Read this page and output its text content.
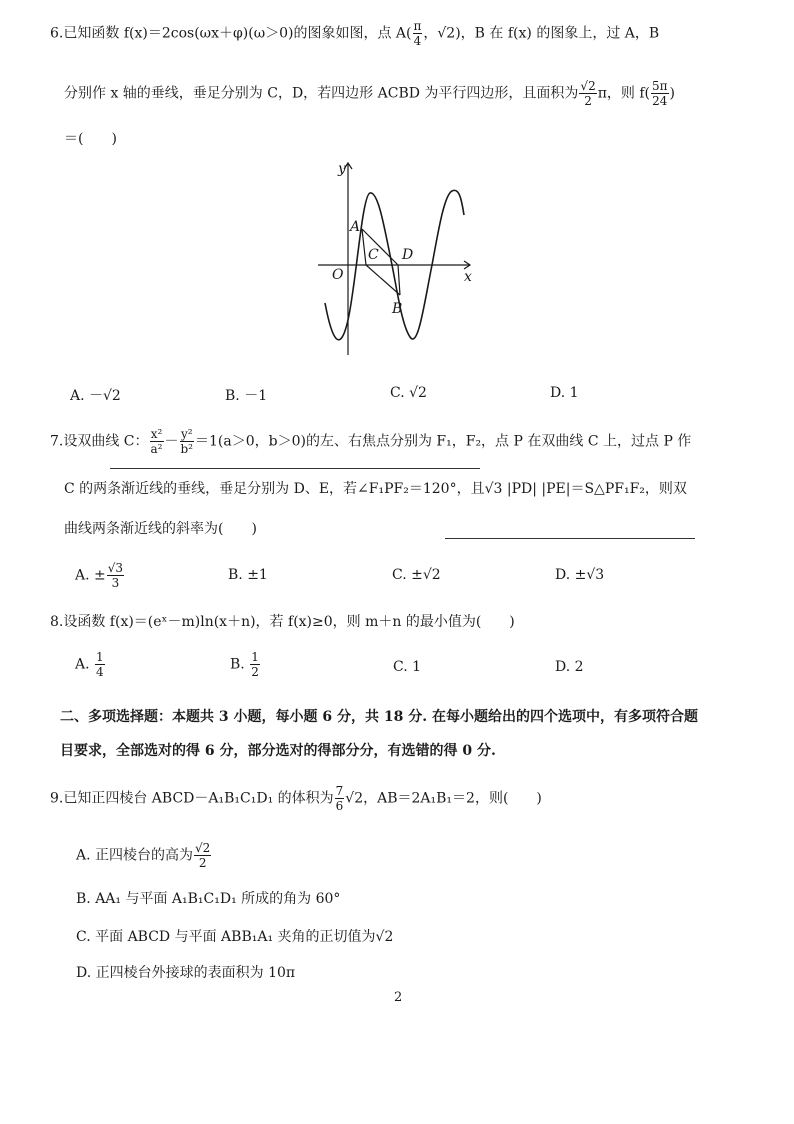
6.已知函数 f(x)＝2cos(ωx＋φ)(ω＞0)的图象如图，点 $A( \frac{\pi}{4}$ ，√2)，B 在 f(x) 的图象上，过 A，B
分别作 x 轴的垂线，垂足分别为 C，D，若四边形 ACBD 为平行四边形，且面积为 $\frac{√2}{2}$ π，则 $f( \frac{5\pi}{24}$ )
＝(　　)
y
x
O
A
C D
B
A. －√2	B. －1	C. √2	D. 1
7.设双曲线 C： $\frac{\text{x²}}{\text{a²}} - \frac{\text{y²}}{\text{b²}} =1(a>0$，b＞0)的左、右焦点分别为 F₁，F₂，点 P 在双曲线 C 上，过点 P 作
C 的两条渐近线的垂线，垂足分别为 D、E，若∠F₁PF₂＝120°，且√3 |PD| |PE|＝S△PF₁F₂，则双
曲线两条渐近线的斜率为(　　)
A. ± $\frac{√3}{3}$	B. ±1	C. ±√2	D. ±√3
8.设函数 f(x)＝(eˣ－m)ln(x＋n)，若 f(x)≥0，则 m＋n 的最小值为(　　)
A. $\frac{1}{4}$	B. $\frac{1}{2}$	C. 1	D. 2
二、多项选择题：本题共 3 小题，每小题 6 分，共 18 分. 在每小题给出的四个选项中，有多项符合题
目要求，全部选对的得 6 分，部分选对的得部分分，有选错的得 0 分.
9.已知正四棱台 ABCD－A₁B₁C₁D₁ 的体积为 $\frac{7}{6} √2$，AB＝2A₁B₁＝2，则(　　)
A. 正四棱台的高为 $\frac{√2}{2}$
B. AA₁ 与平面 A₁B₁C₁D₁ 所成的角为 60°
C. 平面 ABCD 与平面 ABB₁A₁ 夹角的正切值为√2
D. 正四棱台外接球的表面积为 10π
2
